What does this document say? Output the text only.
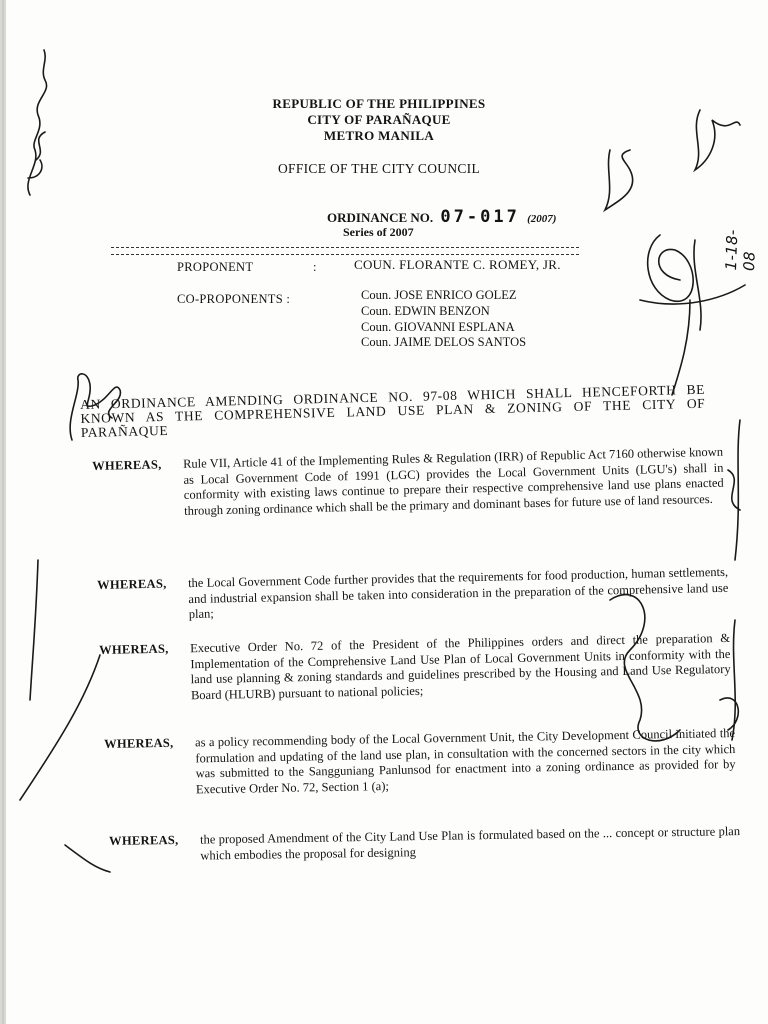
REPUBLIC OF THE PHILIPPINES
CITY OF PARAÑAQUE
METRO MANILA
OFFICE OF THE CITY COUNCIL
ORDINANCE NO. 07-017 (2007)
Series of 2007
PROPONENT	:	COUN. FLORANTE C. ROMEY, JR.
CO-PROPONENTS :	Coun. JOSE ENRICO GOLEZ
Coun. EDWIN BENZON
Coun. GIOVANNI ESPLANA
Coun. JAIME DELOS SANTOS
AN ORDINANCE AMENDING ORDINANCE NO. 97-08 WHICH SHALL HENCEFORTH BE KNOWN AS THE COMPREHENSIVE LAND USE PLAN & ZONING OF THE CITY OF PARAÑAQUE
WHEREAS, Rule VII, Article 41 of the Implementing Rules & Regulation (IRR) of Republic Act 7160 otherwise known as Local Government Code of 1991 (LGC) provides the Local Government Units (LGU's) shall in conformity with existing laws continue to prepare their respective comprehensive land use plans enacted through zoning ordinance which shall be the primary and dominant bases for future use of land resources.
WHEREAS, the Local Government Code further provides that the requirements for food production, human settlements, and industrial expansion shall be taken into consideration in the preparation of the comprehensive land use plan;
WHEREAS, Executive Order No. 72 of the President of the Philippines orders and direct the preparation & Implementation of the Comprehensive Land Use Plan of Local Government Units in conformity with the land use planning & zoning standards and guidelines prescribed by the Housing and Land Use Regulatory Board (HLURB) pursuant to national policies;
WHEREAS, as a policy recommending body of the Local Government Unit, the City Development Council initiated the formulation and updating of the land use plan, in consultation with the concerned sectors in the city which was submitted to the Sangguniang Panlunsod for enactment into a zoning ordinance as provided for by Executive Order No. 72, Section 1 (a);
WHEREAS, the proposed Amendment of the City Land Use Plan is formulated based on the ... concept or structure plan which embodies the proposal for designing
1-18-08
